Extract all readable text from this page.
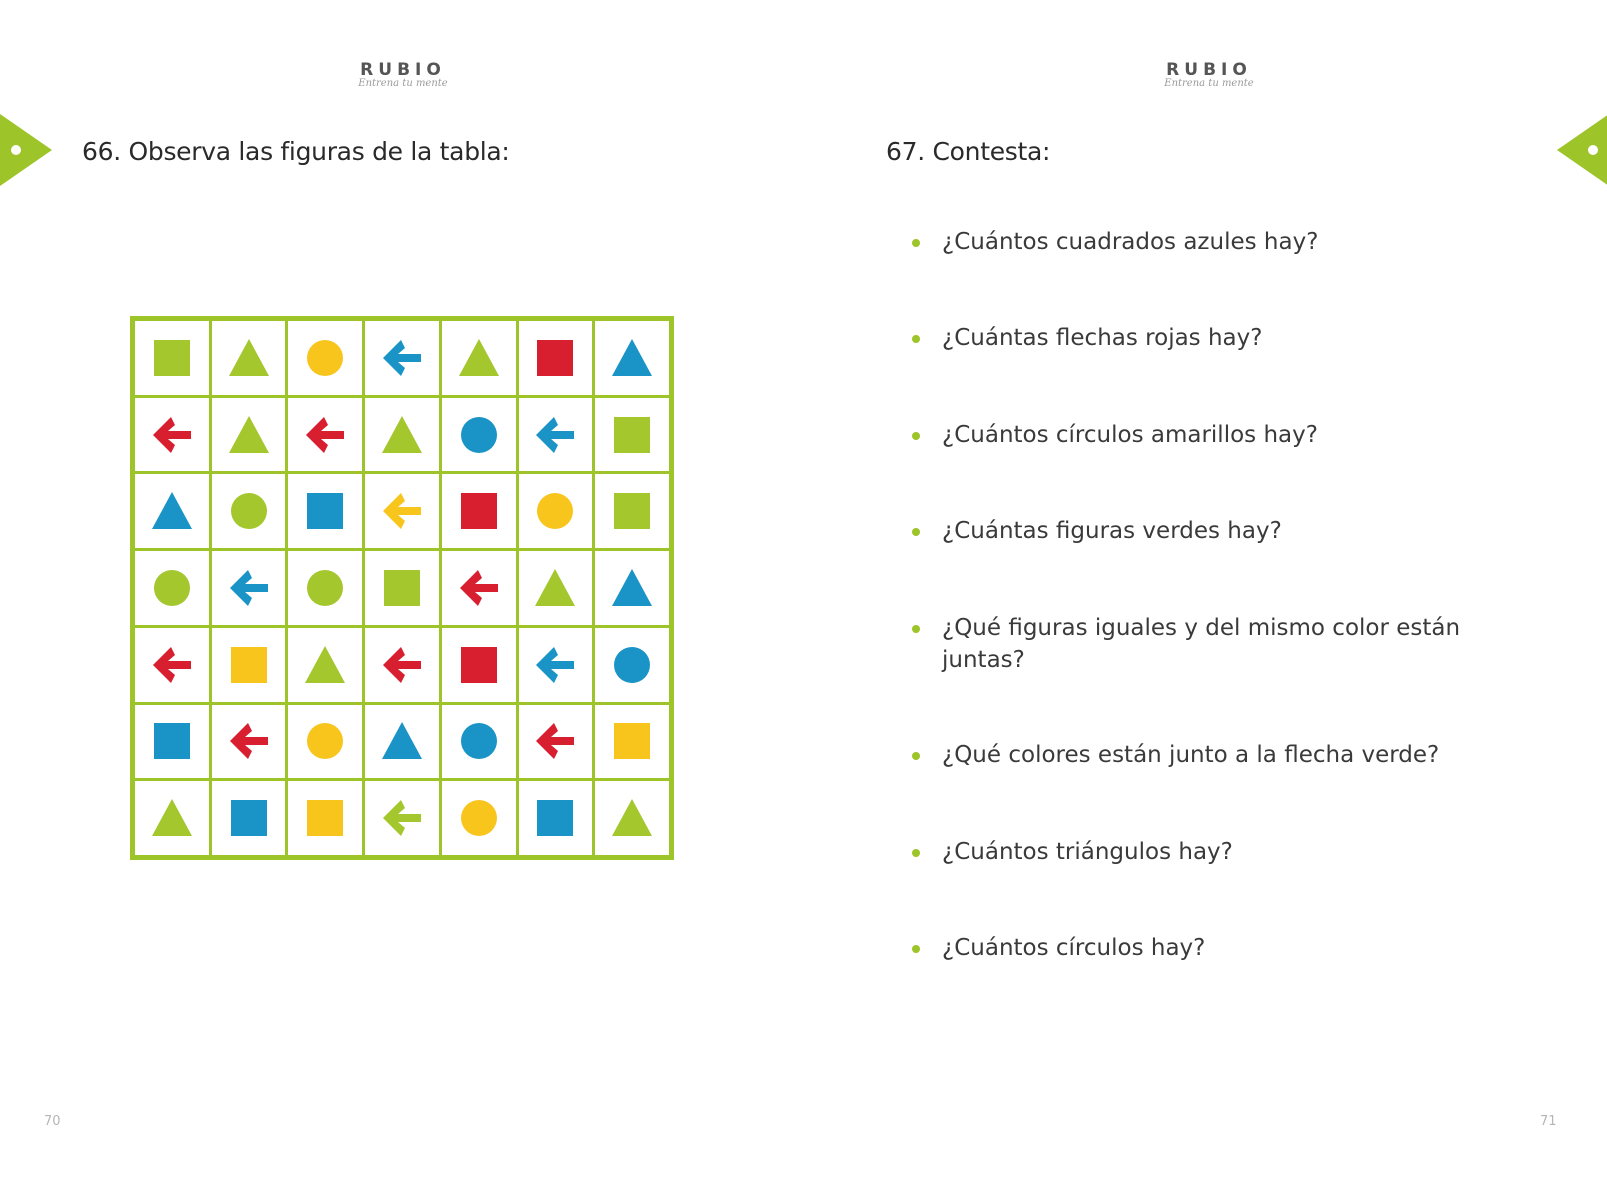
RUBIO
Entrena tu mente
66. Observa las figuras de la tabla:
70
RUBIO
Entrena tu mente
67. Contesta:
¿Cuántos cuadrados azules hay?
¿Cuántas flechas rojas hay?
¿Cuántos círculos amarillos hay?
¿Cuántas figuras verdes hay?
¿Qué figuras iguales y del mismo color están juntas?
¿Qué colores están junto a la flecha verde?
¿Cuántos triángulos hay?
¿Cuántos círculos hay?
71
